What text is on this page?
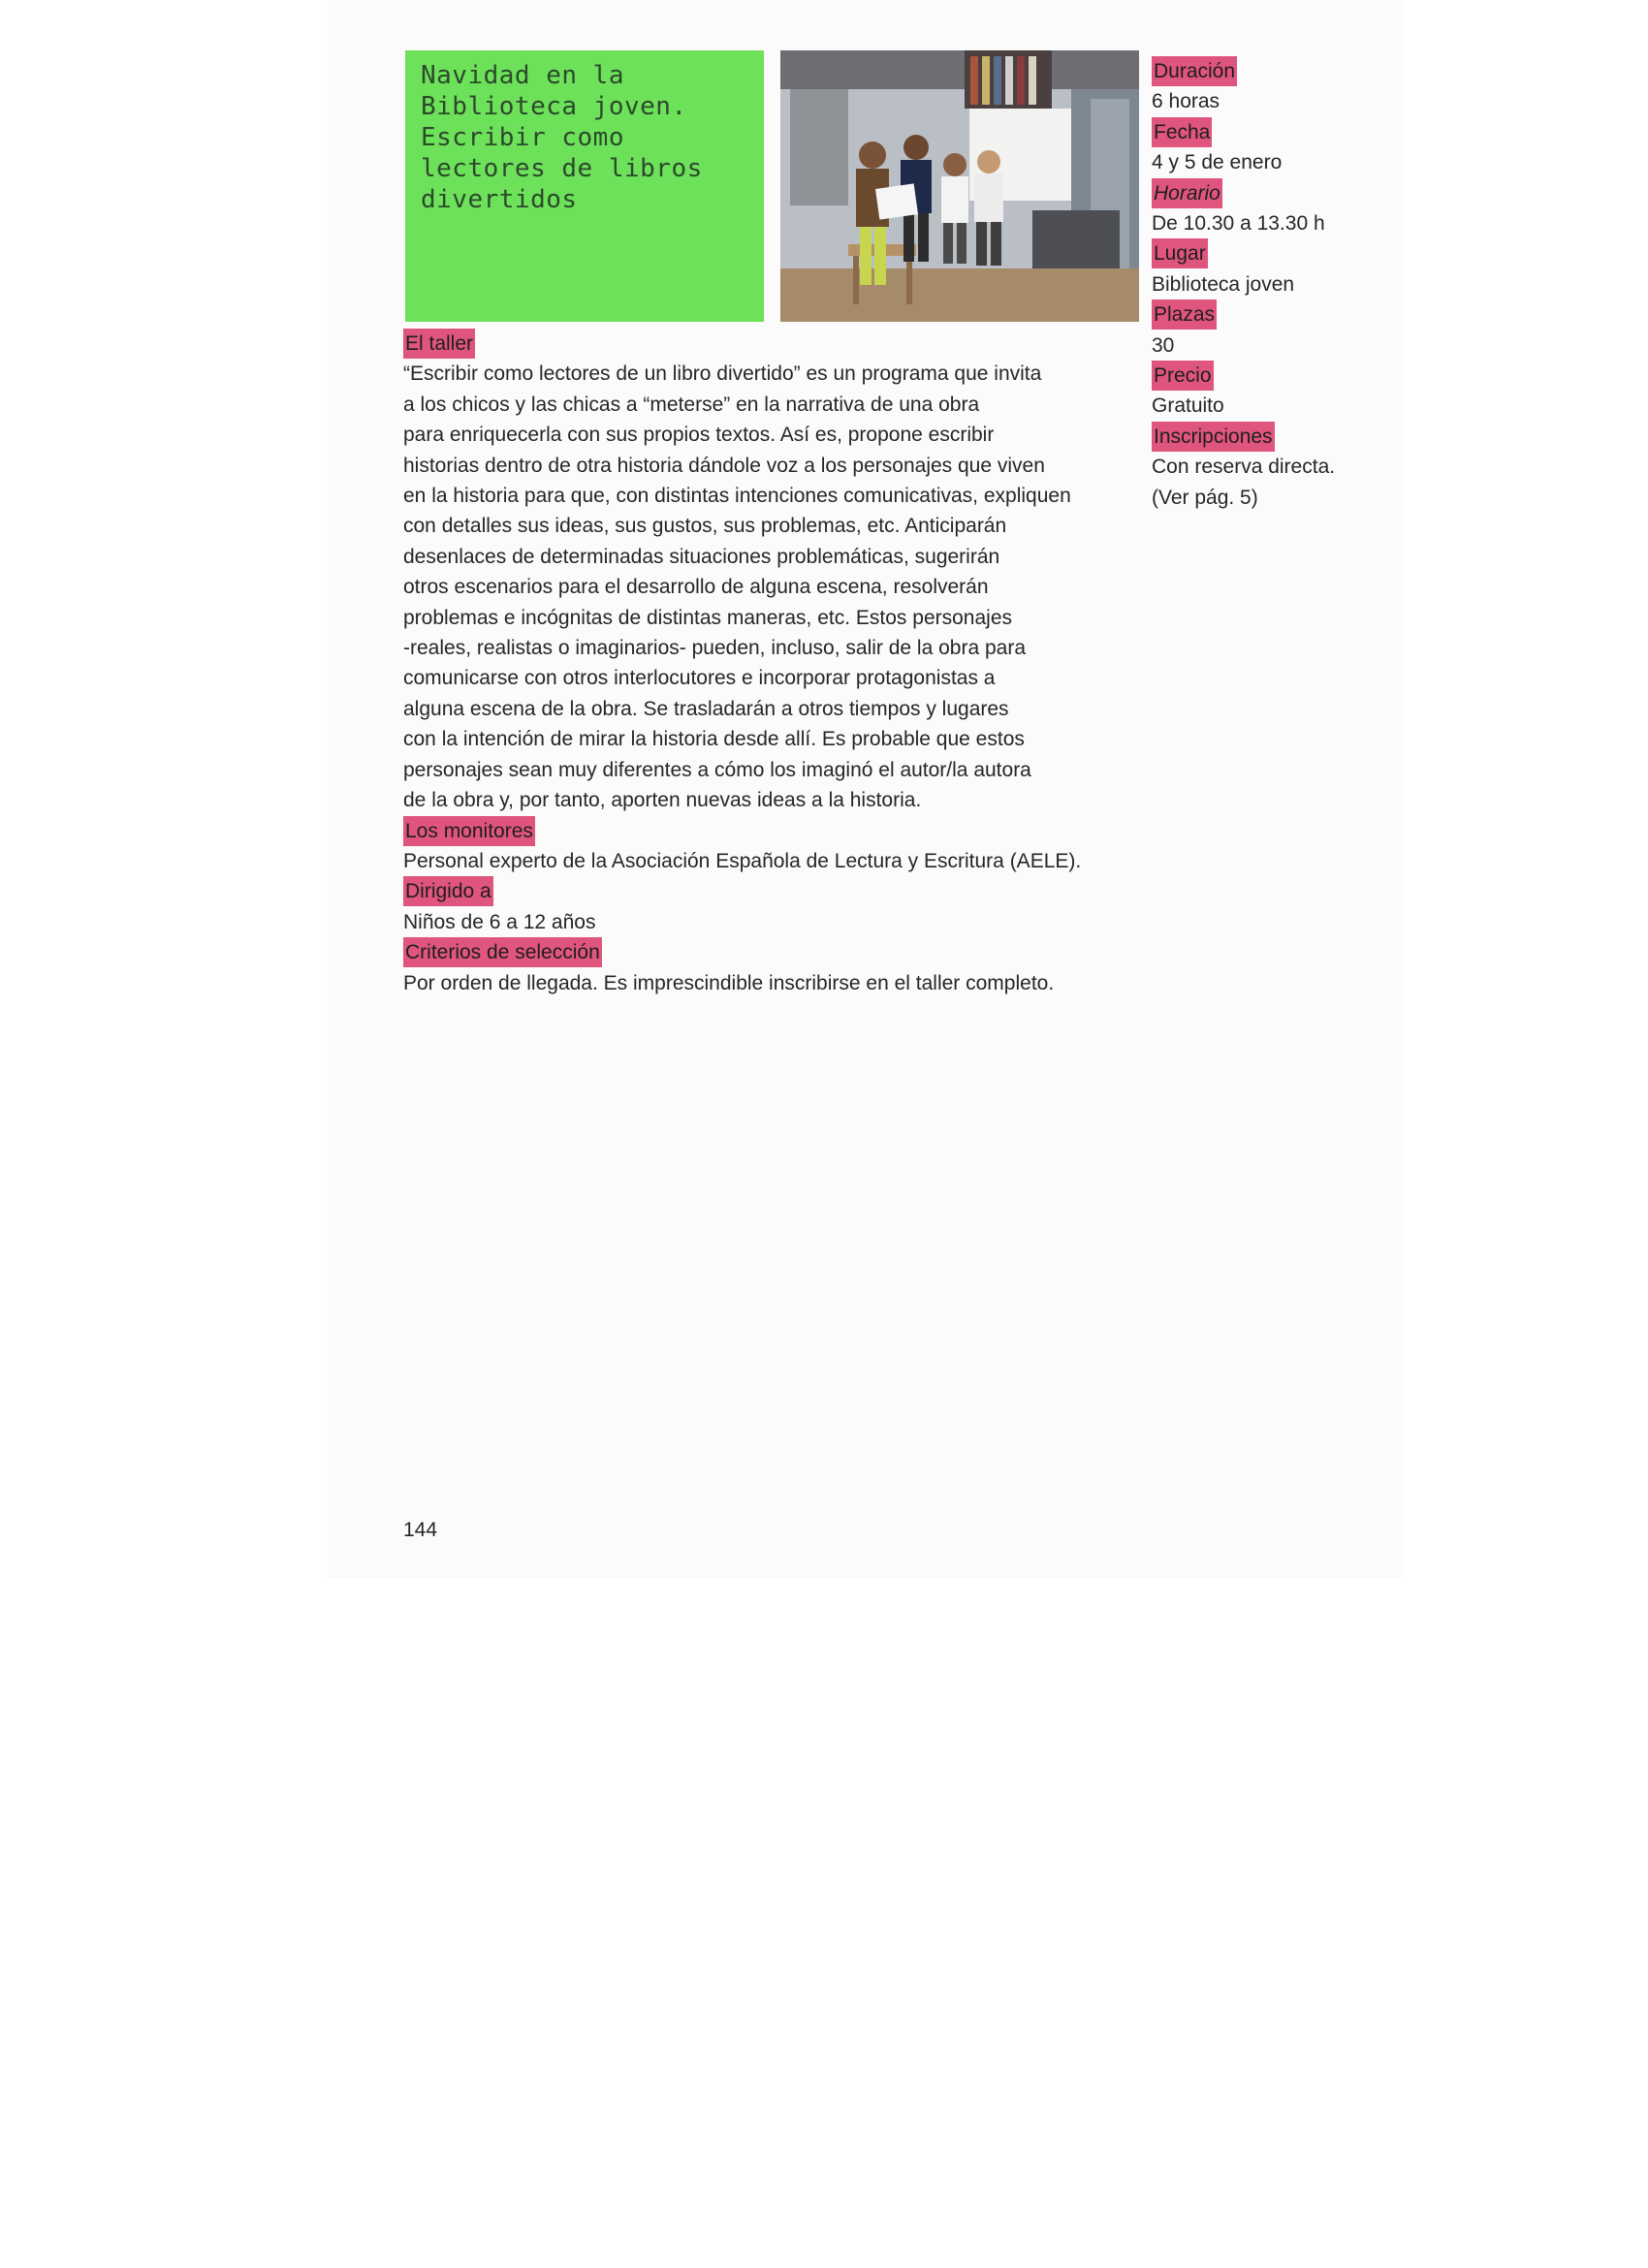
Navidad en la
Biblioteca joven.
Escribir como
lectores de libros
divertidos
Duración
6 horas
Fecha
4 y 5 de enero
Horario
De 10.30 a 13.30 h
Lugar
Biblioteca joven
Plazas
30
Precio
Gratuito
Inscripciones
Con reserva directa.
(Ver pág. 5)
El taller
“Escribir como lectores de un libro divertido” es un programa que invita
a los chicos y las chicas a “meterse” en la narrativa de una obra
para enriquecerla con sus propios textos. Así es, propone escribir
historias dentro de otra historia dándole voz a los personajes que viven
en la historia para que, con distintas intenciones comunicativas, expliquen
con detalles sus ideas, sus gustos, sus problemas, etc. Anticiparán
desenlaces de determinadas situaciones problemáticas, sugerirán
otros escenarios para el desarrollo de alguna escena, resolverán
problemas e incógnitas de distintas maneras, etc. Estos personajes
-reales, realistas o imaginarios- pueden, incluso, salir de la obra para
comunicarse con otros interlocutores e incorporar protagonistas a
alguna escena de la obra. Se trasladarán a otros tiempos y lugares
con la intención de mirar la historia desde allí. Es probable que estos
personajes sean muy diferentes a cómo los imaginó el autor/la autora
de la obra y, por tanto, aporten nuevas ideas a la historia.
Los monitores
Personal experto de la Asociación Española de Lectura y Escritura (AELE).
Dirigido a
Niños de 6 a 12 años
Criterios de selección
Por orden de llegada. Es imprescindible inscribirse en el taller completo.
144
